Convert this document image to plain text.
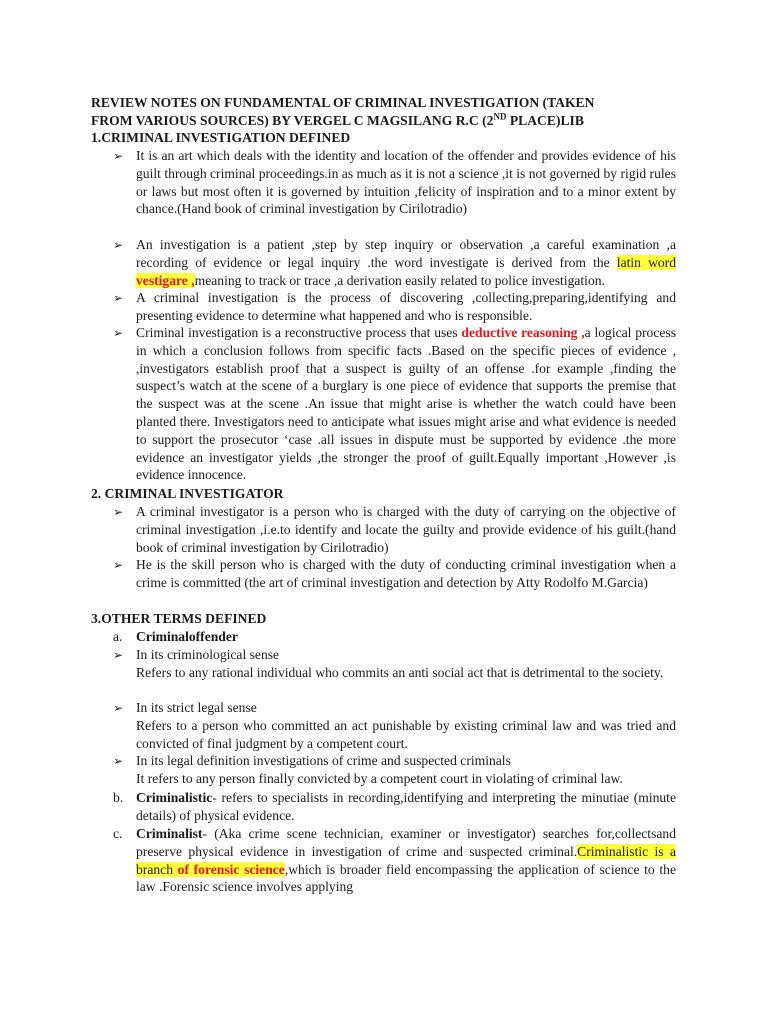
REVIEW NOTES ON FUNDAMENTAL OF CRIMINAL INVESTIGATION (TAKEN
FROM VARIOUS SOURCES) BY VERGEL C MAGSILANG R.C (2ND PLACE)LIB
1.CRIMINAL INVESTIGATION DEFINED
➢ It is an art which deals with the identity and location of the offender and provides evidence of his guilt through criminal proceedings.in as much as it is not a science ,it is not governed by rigid rules or laws but most often it is governed by intuition ,felicity of inspiration and to a minor extent by chance.(Hand book of criminal investigation by Cirilotradio)
➢ An investigation is a patient ,step by step inquiry or observation ,a careful examination ,a recording of evidence or legal inquiry .the word investigate is derived from the latin word vestigare ,meaning to track or trace ,a derivation easily related to police investigation.
➢ A criminal investigation is the process of discovering ,collecting,preparing,identifying and presenting evidence to determine what happened and who is responsible.
➢ Criminal investigation is a reconstructive process that uses deductive reasoning ,a logical process in which a conclusion follows from specific facts .Based on the specific pieces of evidence , ,investigators establish proof that a suspect is guilty of an offense .for example ,finding the suspect’s watch at the scene of a burglary is one piece of evidence that supports the premise that the suspect was at the scene .An issue that might arise is whether the watch could have been planted there. Investigators need to anticipate what issues might arise and what evidence is needed to support the prosecutor ‘case .all issues in dispute must be supported by evidence .the more evidence an investigator yields ,the stronger the proof of guilt.Equally important ,However ,is evidence innocence.
2. CRIMINAL INVESTIGATOR
➢ A criminal investigator is a person who is charged with the duty of carrying on the objective of criminal investigation ,i.e.to identify and locate the guilty and provide evidence of his guilt.(hand book of criminal investigation by Cirilotradio)
➢ He is the skill person who is charged with the duty of conducting criminal investigation when a crime is committed (the art of criminal investigation and detection by Atty Rodolfo M.Garcia)
3.OTHER TERMS DEFINED
a. Criminaloffender
➢ In its criminological sense
Refers to any rational individual who commits an anti social act that is detrimental to the society.
➢ In its strict legal sense
Refers to a person who committed an act punishable by existing criminal law and was tried and convicted of final judgment by a competent court.
➢ In its legal definition investigations of crime and suspected criminals
It refers to any person finally convicted by a competent court in violating of criminal law.
b. Criminalistic- refers to specialists in recording,identifying and interpreting the minutiae (minute details) of physical evidence.
c. Criminalist- (Aka crime scene technician, examiner or investigator) searches for,collectsand preserve physical evidence in investigation of crime and suspected criminal.Criminalistic is a branch of forensic science,which is broader field encompassing the application of science to the law .Forensic science involves applying
